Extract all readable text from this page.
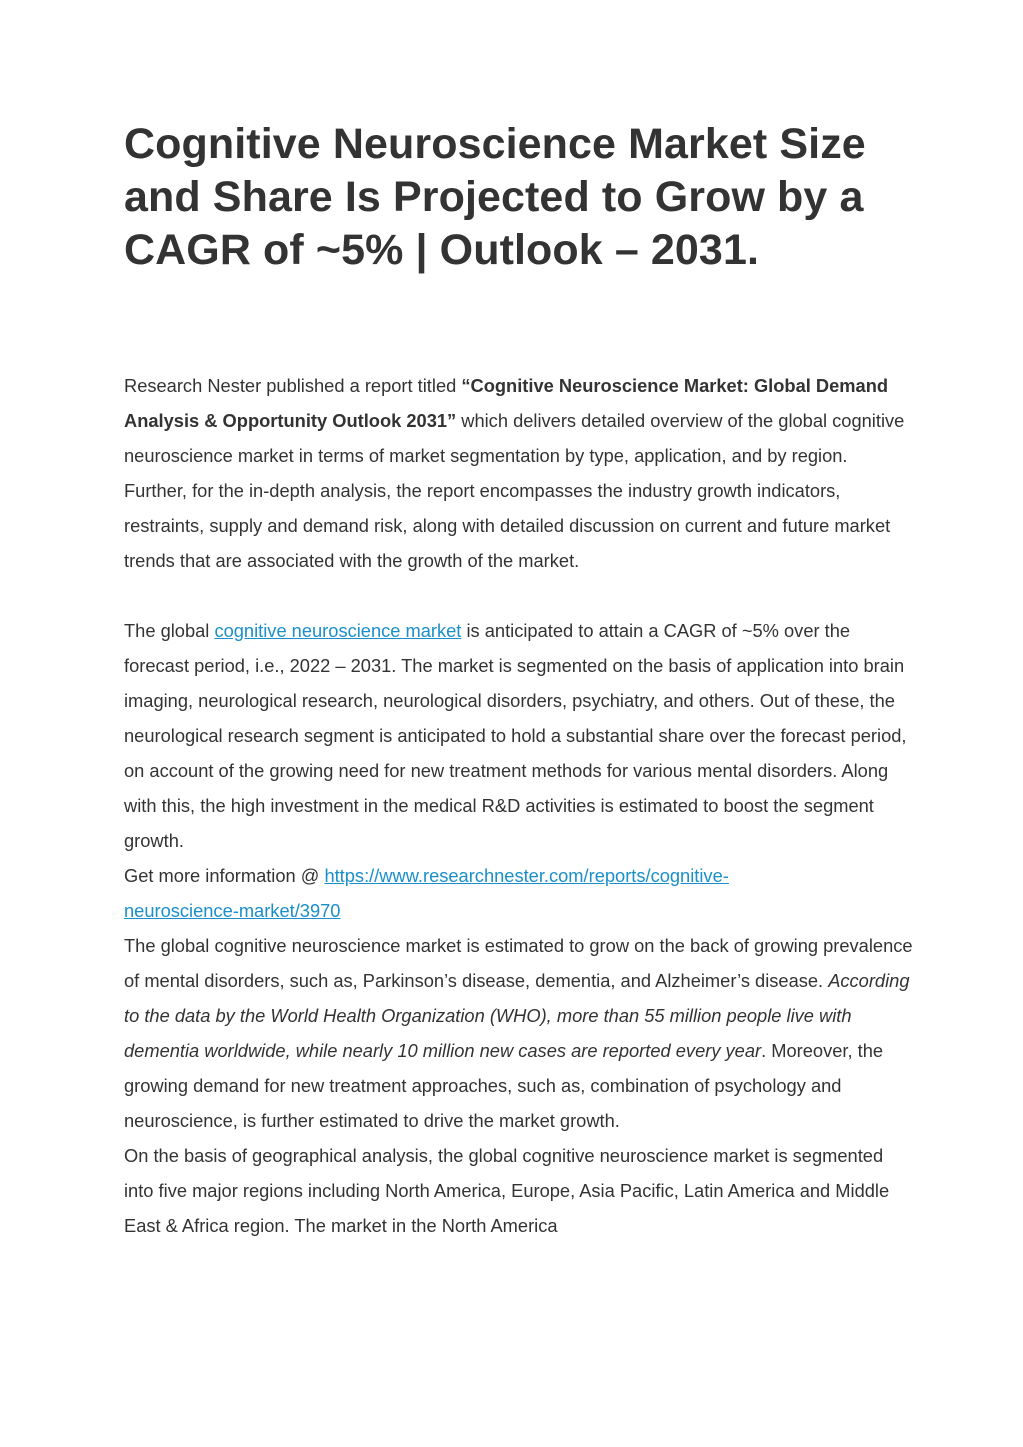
Cognitive Neuroscience Market Size and Share Is Projected to Grow by a CAGR of ~5% | Outlook – 2031.

Research Nester published a report titled “Cognitive Neuroscience Market: Global Demand Analysis & Opportunity Outlook 2031” which delivers detailed overview of the global cognitive neuroscience market in terms of market segmentation by type, application, and by region.

Further, for the in-depth analysis, the report encompasses the industry growth indicators, restraints, supply and demand risk, along with detailed discussion on current and future market trends that are associated with the growth of the market.

The global cognitive neuroscience market is anticipated to attain a CAGR of ~5% over the forecast period, i.e., 2022 – 2031. The market is segmented on the basis of application into brain imaging, neurological research, neurological disorders, psychiatry, and others. Out of these, the neurological research segment is anticipated to hold a substantial share over the forecast period, on account of the growing need for new treatment methods for various mental disorders. Along with this, the high investment in the medical R&D activities is estimated to boost the segment growth.

Get more information @ https://www.researchnester.com/reports/cognitive-
neuroscience-market/3970

The global cognitive neuroscience market is estimated to grow on the back of growing prevalence of mental disorders, such as, Parkinson’s disease, dementia, and Alzheimer’s disease. According to the data by the World Health Organization (WHO), more than 55 million people live with dementia worldwide, while nearly 10 million new cases are reported every year. Moreover, the growing demand for new treatment approaches, such as, combination of psychology and neuroscience, is further estimated to drive the market growth.

On the basis of geographical analysis, the global cognitive neuroscience market is segmented into five major regions including North America, Europe, Asia Pacific, Latin America and Middle East & Africa region. The market in the North America
